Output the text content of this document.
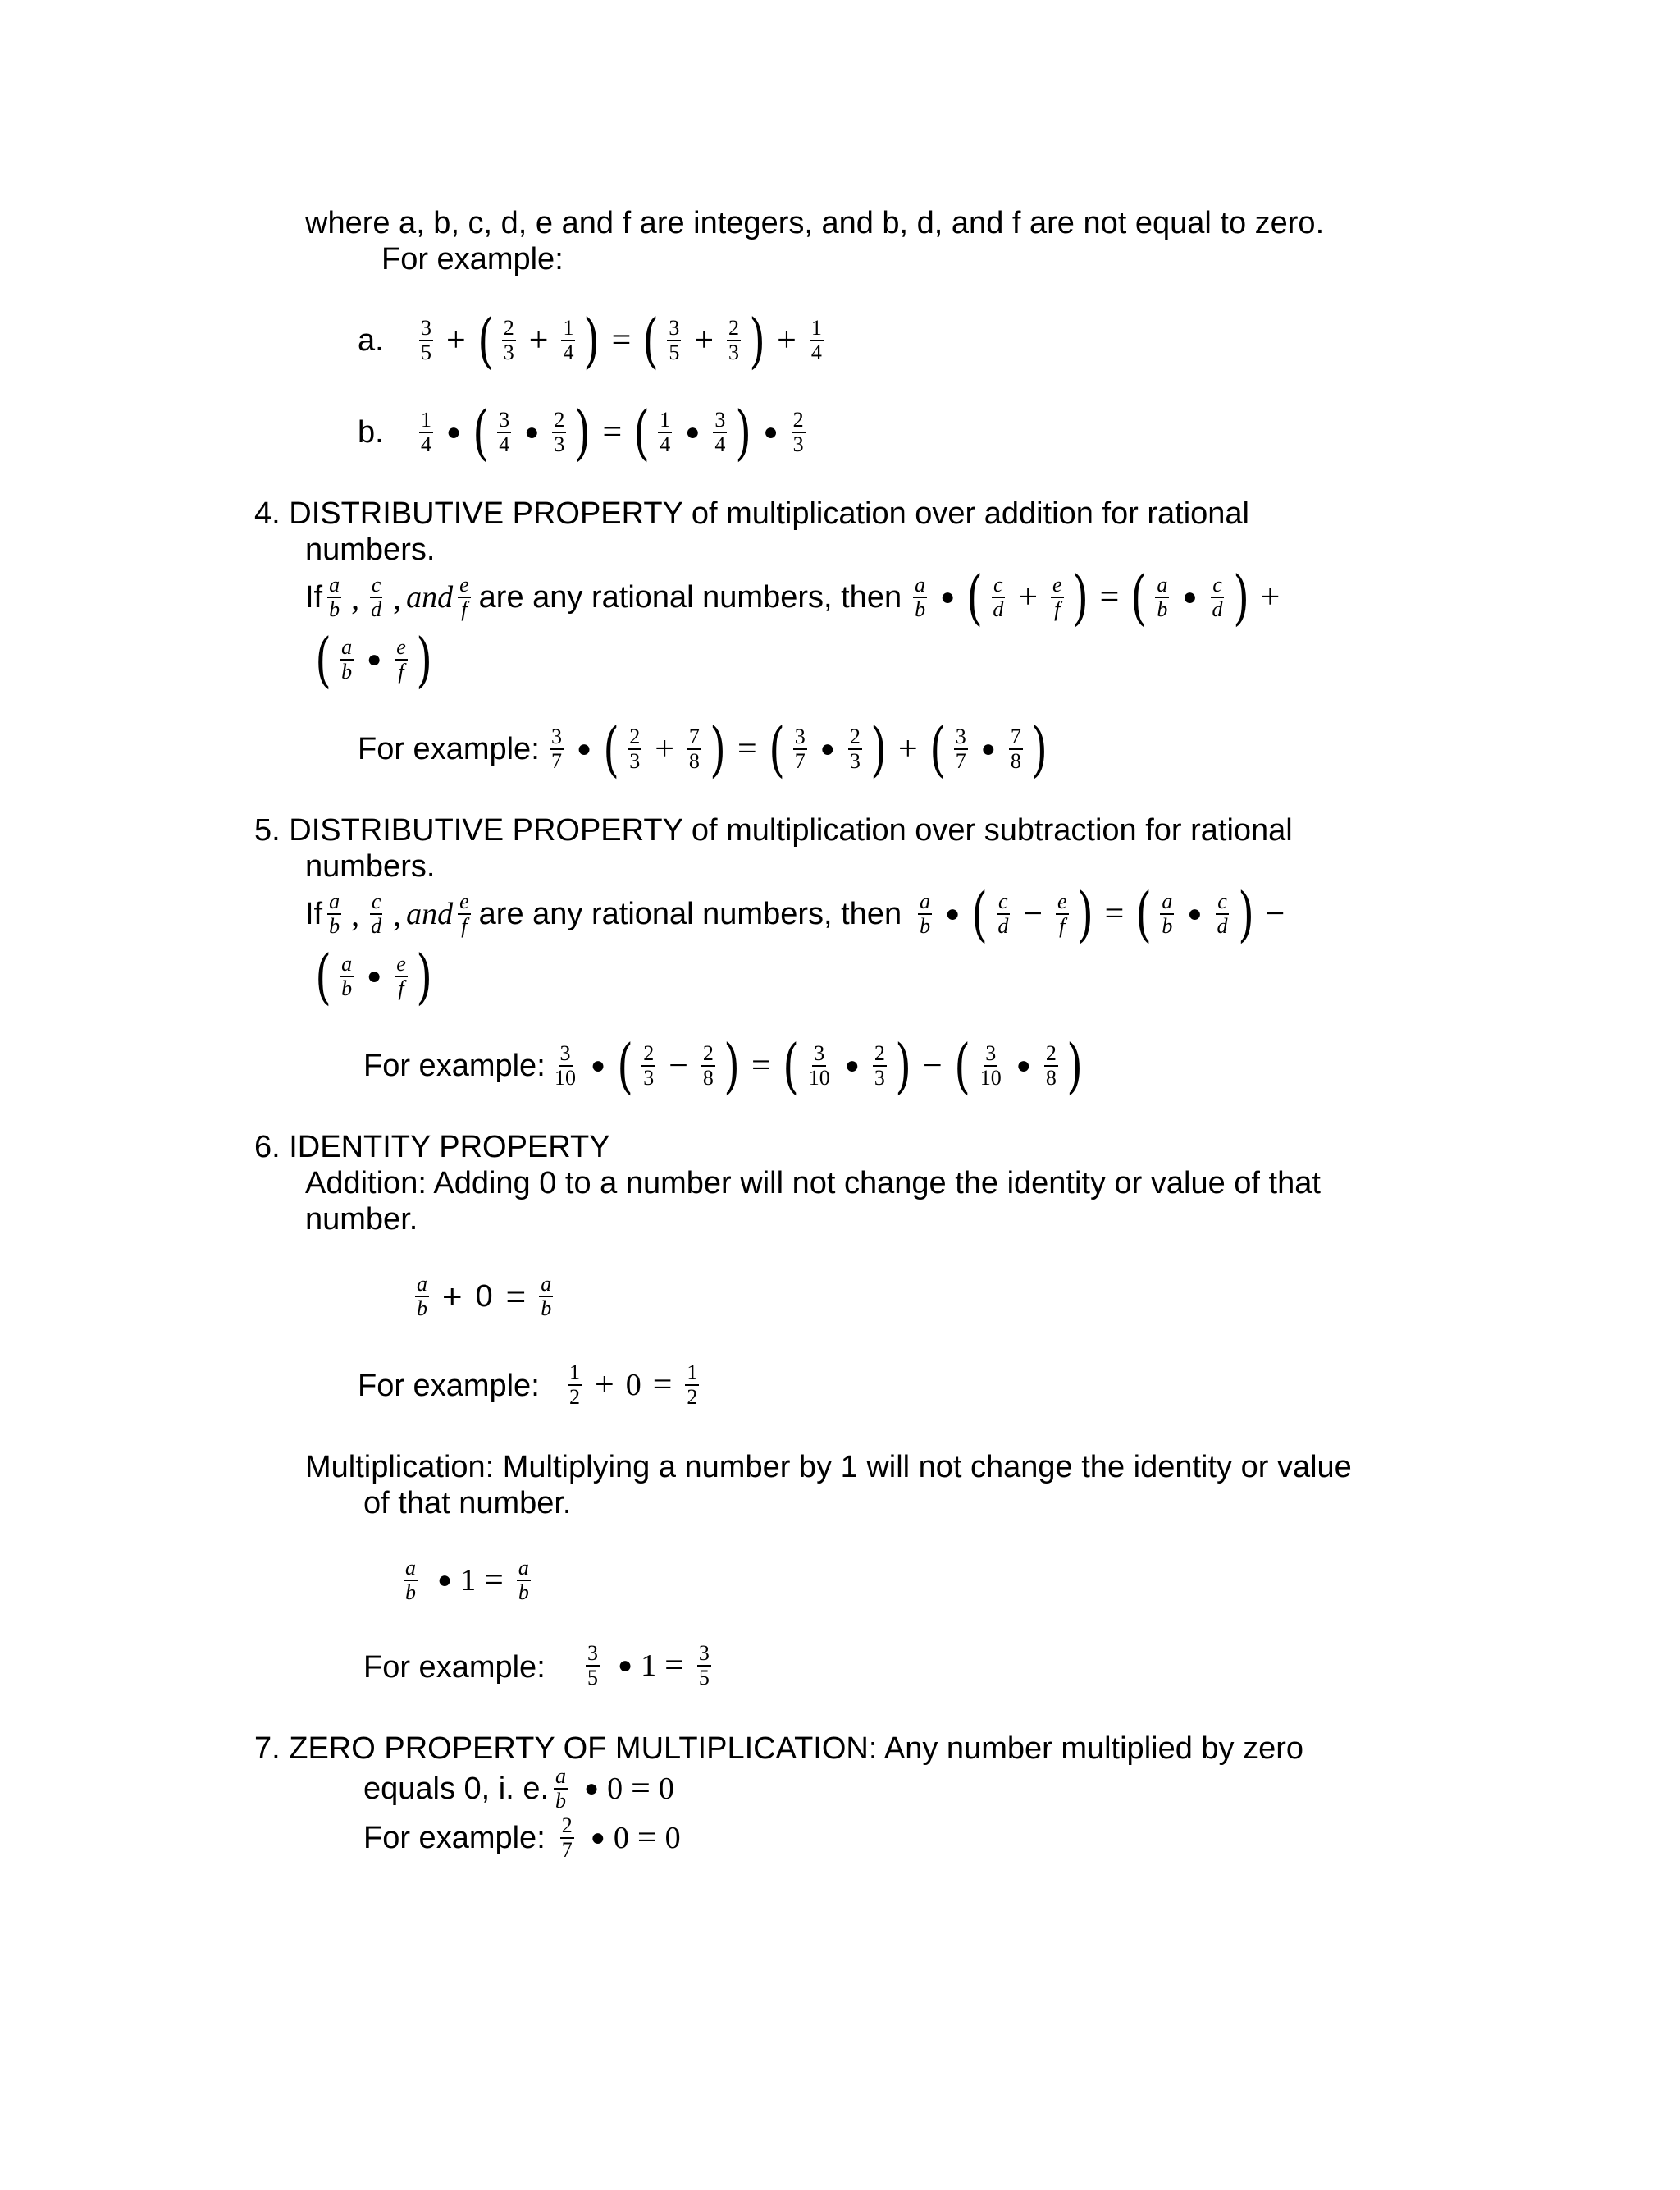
where a, b, c, d, e and f are integers, and b, d, and f are not equal to zero.
For example:
a. $\frac{3}{5}$ + ( $\frac{2}{3} + \frac{1}{4}$ ) = ( $\frac{3}{5} + \frac{2}{3}$ ) + $\frac{1}{4}$
b. $\frac{1}{4}$ ● ( $\frac{3}{4}$ ● $\frac{2}{3}$ ) = ( $\frac{1}{4}$ ● $\frac{3}{4}$ ) ● $\frac{2}{3}$
4. DISTRIBUTIVE PROPERTY of multiplication over addition for rational
numbers.
If $\frac{a}{b}$ , $\frac{c}{d}$ , and $\frac{e}{f}$ are any rational numbers, then $\frac{a}{b}$ ● ( $\frac{c}{d} + \frac{e}{f}$ ) = ( $\frac{a}{b}$ ● $\frac{c}{d}$ ) +
( $\frac{a}{b}$ ● $\frac{e}{f}$ )
For example: $\frac{3}{7}$ ● ( $\frac{2}{3} + \frac{7}{8}$ ) = ( $\frac{3}{7}$ ● $\frac{2}{3}$ ) + ( $\frac{3}{7}$ ● $\frac{7}{8}$ )
5. DISTRIBUTIVE PROPERTY of multiplication over subtraction for rational
numbers.
If $\frac{a}{b}$ , $\frac{c}{d}$ , and $\frac{e}{f}$ are any rational numbers, then $\frac{a}{b}$ ● ( $\frac{c}{d} - \frac{e}{f}$ ) = ( $\frac{a}{b}$ ● $\frac{c}{d}$ ) −
( $\frac{a}{b}$ ● $\frac{e}{f}$ )
For example: $\frac{3}{10}$ ● ( $\frac{2}{3} - \frac{2}{8}$ ) = ( $\frac{3}{10}$ ● $\frac{2}{3}$ ) − ( $\frac{3}{10}$ ● $\frac{2}{8}$ )
6. IDENTITY PROPERTY
Addition: Adding 0 to a number will not change the identity or value of that
number.
$\frac{a}{b} + 0 = \frac{a}{b}$
For example: $\frac{1}{2} + 0 = \frac{1}{2}$
Multiplication: Multiplying a number by 1 will not change the identity or value
of that number.
$\frac{a}{b}$ ● $1 = \frac{a}{b}$
For example: $\frac{3}{5}$ ● $1 = \frac{3}{5}$
7. ZERO PROPERTY OF MULTIPLICATION: Any number multiplied by zero
equals 0, i. e. $\frac{a}{b}$ ● 0 = 0
For example: $\frac{2}{7}$ ● 0 = 0
